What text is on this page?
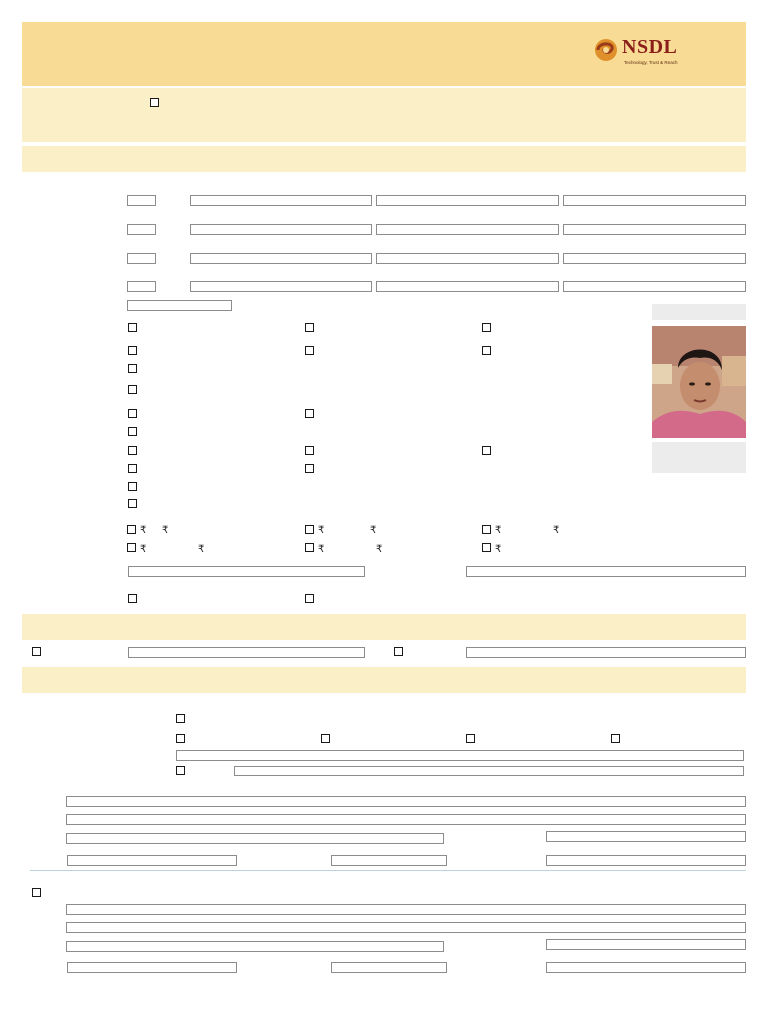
NSDL
Technology, Trust & Reach
₹ ₹	₹	₹	₹	₹
₹	₹	₹	₹	₹
